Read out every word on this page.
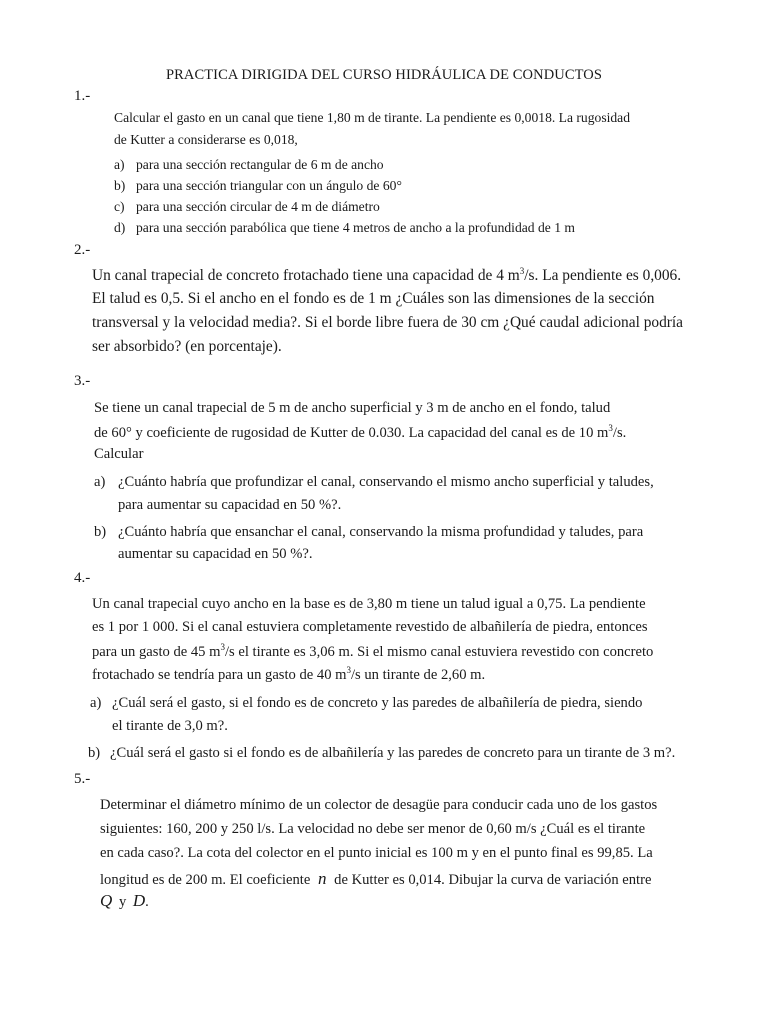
PRACTICA DIRIGIDA DEL CURSO HIDRÁULICA DE CONDUCTOS
1.-
Calcular el gasto en un canal que tiene 1,80 m de tirante. La pendiente es 0,0018. La rugosidad
de Kutter a considerarse es 0,018,
a) para una sección rectangular de 6 m de ancho
b) para una sección triangular con un ángulo de 60°
c) para una sección circular de 4 m de diámetro
d) para una sección parabólica que tiene 4 metros de ancho a la profundidad de 1 m
2.-
Un canal trapecial de concreto frotachado tiene una capacidad de 4 $m^3/s$. La pendiente es 0,006.
El talud es 0,5. Si el ancho en el fondo es de 1 m ¿Cuáles son las dimensiones de la sección
transversal y la velocidad media?. Si el borde libre fuera de 30 cm ¿Qué caudal adicional podría
ser absorbido? (en porcentaje).
3.-
Se tiene un canal trapecial de 5 m de ancho superficial y 3 m de ancho en el fondo, talud
de 60° y coeficiente de rugosidad de Kutter de 0.030. La capacidad del canal es de 10 $m^3/s$.
Calcular
a) ¿Cuánto habría que profundizar el canal, conservando el mismo ancho superficial y taludes,
para aumentar su capacidad en 50 %?.
b) ¿Cuánto habría que ensanchar el canal, conservando la misma profundidad y taludes, para
aumentar su capacidad en 50 %?.
4.-
Un canal trapecial cuyo ancho en la base es de 3,80 m tiene un talud igual a 0,75. La pendiente
es 1 por 1 000. Si el canal estuviera completamente revestido de albañilería de piedra, entonces
para un gasto de 45 $m^3/s$ el tirante es 3,06 m. Si el mismo canal estuviera revestido con concreto
frotachado se tendría para un gasto de 40 $m^3/s$ un tirante de 2,60 m.
a) ¿Cuál será el gasto, si el fondo es de concreto y las paredes de albañilería de piedra, siendo
el tirante de 3,0 m?.
b) ¿Cuál será el gasto si el fondo es de albañilería y las paredes de concreto para un tirante de 3 m?.
5.-
Determinar el diámetro mínimo de un colector de desagüe para conducir cada uno de los gastos
siguientes: 160, 200 y 250 l/s. La velocidad no debe ser menor de 0,60 m/s ¿Cuál es el tirante
en cada caso?. La cota del colector en el punto inicial es 100 m y en el punto final es 99,85. La
longitud es de 200 m. El coeficiente n de Kutter es 0,014. Dibujar la curva de variación entre
Q y D.
